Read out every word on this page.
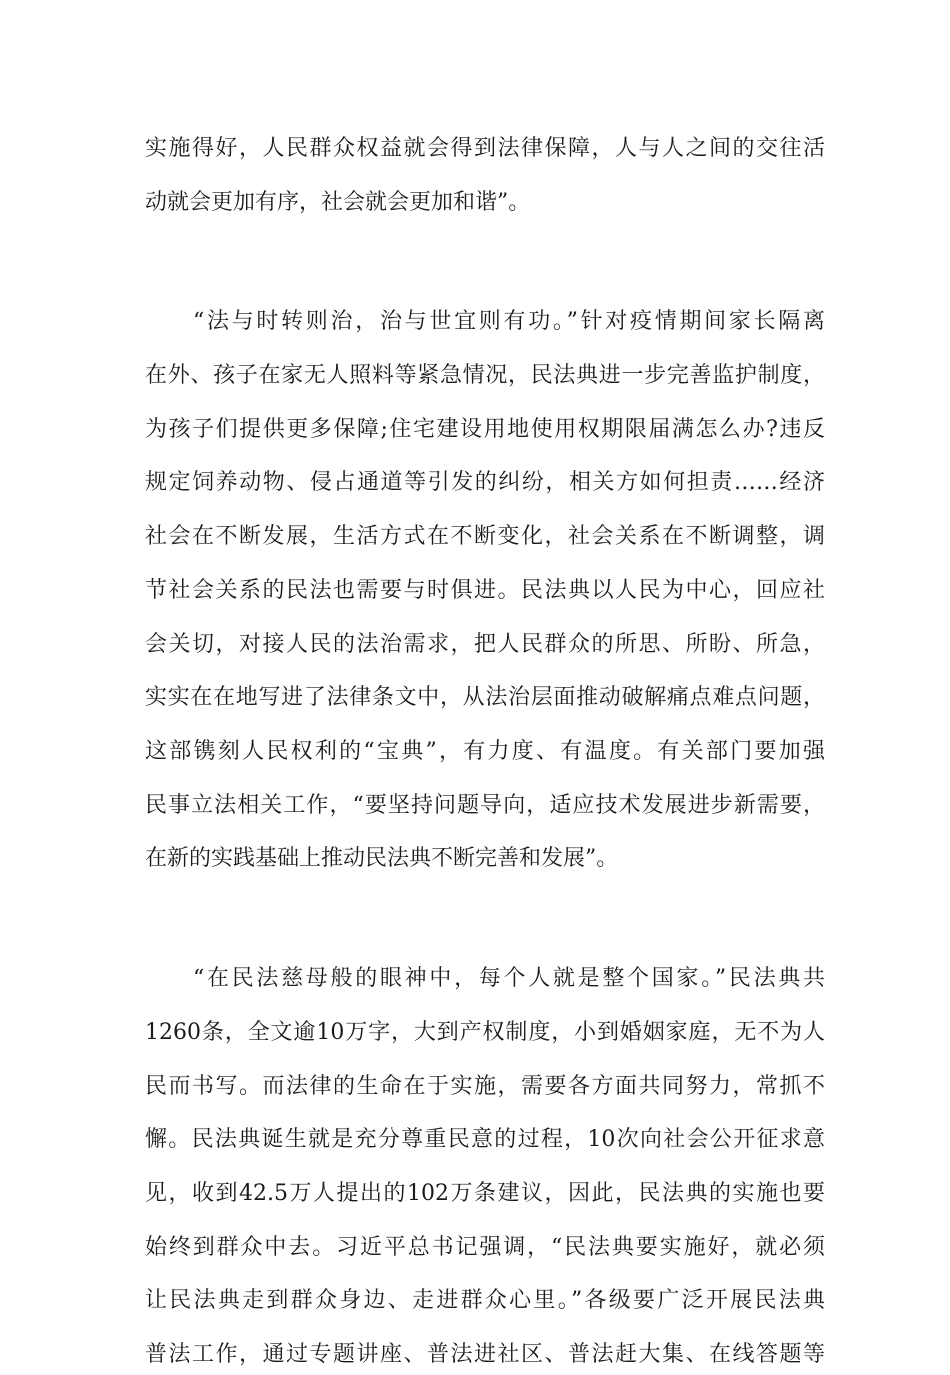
实施得好，人民群众权益就会得到法律保障，人与人之间的交往活
动就会更加有序，社会就会更加和谐”。
“法与时转则治，治与世宜则有功。”针对疫情期间家长隔离
在外、孩子在家无人照料等紧急情况，民法典进一步完善监护制度，
为孩子们提供更多保障;住宅建设用地使用权期限届满怎么办?违反
规定饲养动物、侵占通道等引发的纠纷，相关方如何担责……经济
社会在不断发展，生活方式在不断变化，社会关系在不断调整，调
节社会关系的民法也需要与时俱进。民法典以人民为中心，回应社
会关切，对接人民的法治需求，把人民群众的所思、所盼、所急，
实实在在地写进了法律条文中，从法治层面推动破解痛点难点问题，
这部镌刻人民权利的“宝典”，有力度、有温度。有关部门要加强
民事立法相关工作，“要坚持问题导向，适应技术发展进步新需要，
在新的实践基础上推动民法典不断完善和发展”。
“在民法慈母般的眼神中，每个人就是整个国家。”民法典共
1260条，全文逾10万字，大到产权制度，小到婚姻家庭，无不为人
民而书写。而法律的生命在于实施，需要各方面共同努力，常抓不
懈。民法典诞生就是充分尊重民意的过程，10次向社会公开征求意
见，收到42.5万人提出的102万条建议，因此，民法典的实施也要
始终到群众中去。习近平总书记强调，“民法典要实施好，就必须
让民法典走到群众身边、走进群众心里。”各级要广泛开展民法典
普法工作，通过专题讲座、普法进社区、普法赶大集、在线答题等
